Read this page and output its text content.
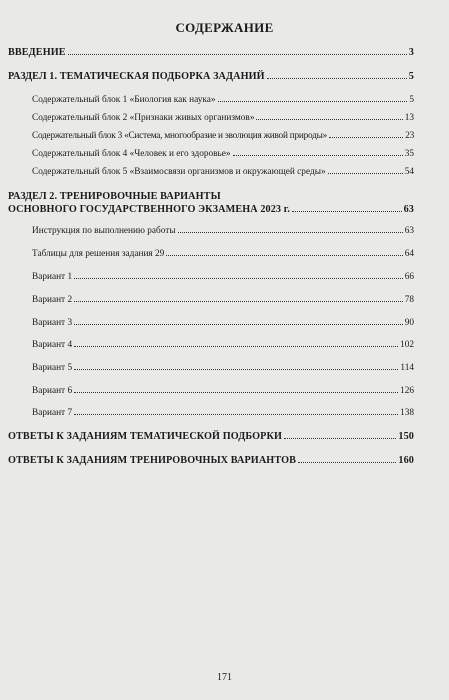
СОДЕРЖАНИЕ
ВВЕДЕНИЕ	3
РАЗДЕЛ 1. ТЕМАТИЧЕСКАЯ ПОДБОРКА ЗАДАНИЙ	5
Содержательный блок 1 «Биология как наука»	5
Содержательный блок 2 «Признаки живых организмов»	13
Содержательный блок 3 «Система, многообразие и эволюция живой природы»	23
Содержательный блок 4 «Человек и его здоровье»	35
Содержательный блок 5 «Взаимосвязи организмов и окружающей среды»	54
РАЗДЕЛ 2. ТРЕНИРОВОЧНЫЕ ВАРИАНТЫ
ОСНОВНОГО ГОСУДАРСТВЕННОГО ЭКЗАМЕНА 2023 г.	63
Инструкция по выполнению работы	63
Таблицы для решения задания 29	64
Вариант 1	66
Вариант 2	78
Вариант 3	90
Вариант 4	102
Вариант 5	114
Вариант 6	126
Вариант 7	138
ОТВЕТЫ К ЗАДАНИЯМ ТЕМАТИЧЕСКОЙ ПОДБОРКИ	150
ОТВЕТЫ К ЗАДАНИЯМ ТРЕНИРОВОЧНЫХ ВАРИАНТОВ	160
171
